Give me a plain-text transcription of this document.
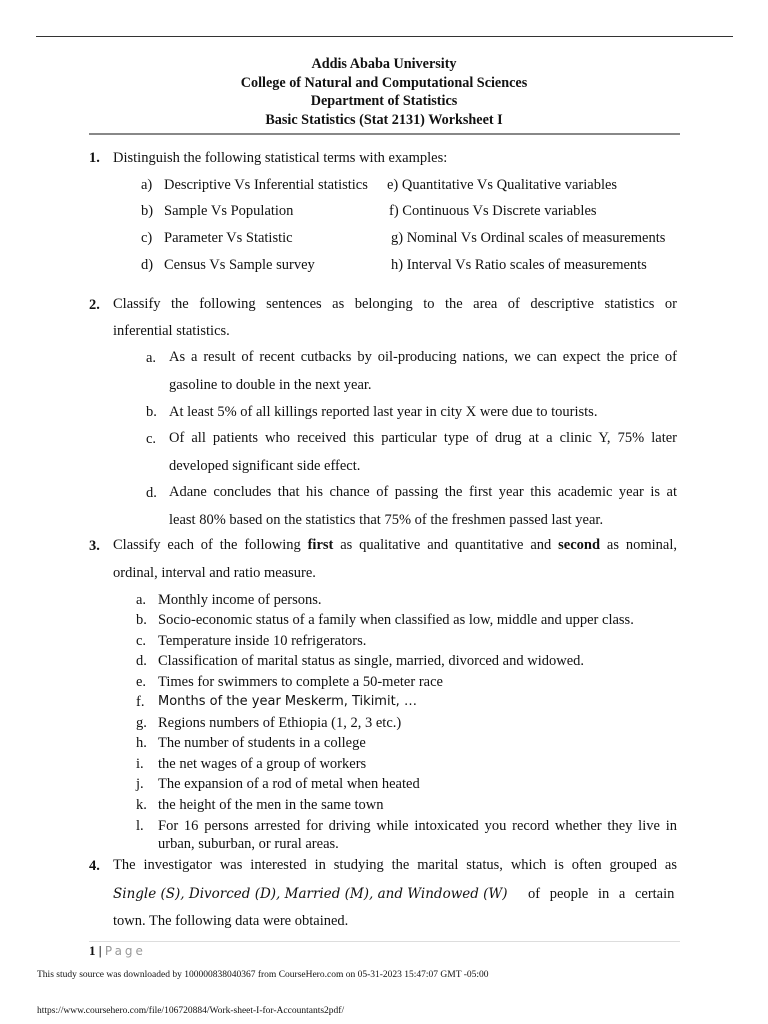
Addis Ababa University
College of Natural and Computational Sciences
Department of Statistics
Basic Statistics (Stat 2131) Worksheet I
1. Distinguish the following statistical terms with examples:
a) Descriptive Vs Inferential statistics
b) Sample Vs Population
c) Parameter Vs Statistic
d) Census Vs Sample survey
e) Quantitative Vs Qualitative variables
f) Continuous Vs Discrete variables
g) Nominal Vs Ordinal scales of measurements
h) Interval Vs Ratio scales of measurements
2. Classify the following sentences as belonging to the area of descriptive statistics or
inferential statistics.
a. As a result of recent cutbacks by oil-producing nations, we can expect the price of
gasoline to double in the next year.
b. At least 5% of all killings reported last year in city X were due to tourists.
c. Of all patients who received this particular type of drug at a clinic Y, 75% later
developed significant side effect.
d. Adane concludes that his chance of passing the first year this academic year is at
least 80% based on the statistics that 75% of the freshmen passed last year.
3. Classify each of the following first as qualitative and quantitative and second as nominal,
ordinal, interval and ratio measure.
a. Monthly income of persons.
b. Socio-economic status of a family when classified as low, middle and upper class.
c. Temperature inside 10 refrigerators.
d. Classification of marital status as single, married, divorced and widowed.
e. Times for swimmers to complete a 50-meter race
f. Months of the year Meskerm, Tikimit, …
g. Regions numbers of Ethiopia (1, 2, 3 etc.)
h. The number of students in a college
i. the net wages of a group of workers
j. The expansion of a rod of metal when heated
k. the height of the men in the same town
l. For 16 persons arrested for driving while intoxicated you record whether they live in
urban, suburban, or rural areas.
4. The investigator was interested in studying the marital status, which is often grouped as
Single (S), Divorced (D), Married (M), and Windowed (W) of people in a certain
town. The following data were obtained.
1 | Page
This study source was downloaded by 100000838040367 from CourseHero.com on 05-31-2023 15:47:07 GMT -05:00
https://www.coursehero.com/file/106720884/Work-sheet-I-for-Accountants2pdf/
